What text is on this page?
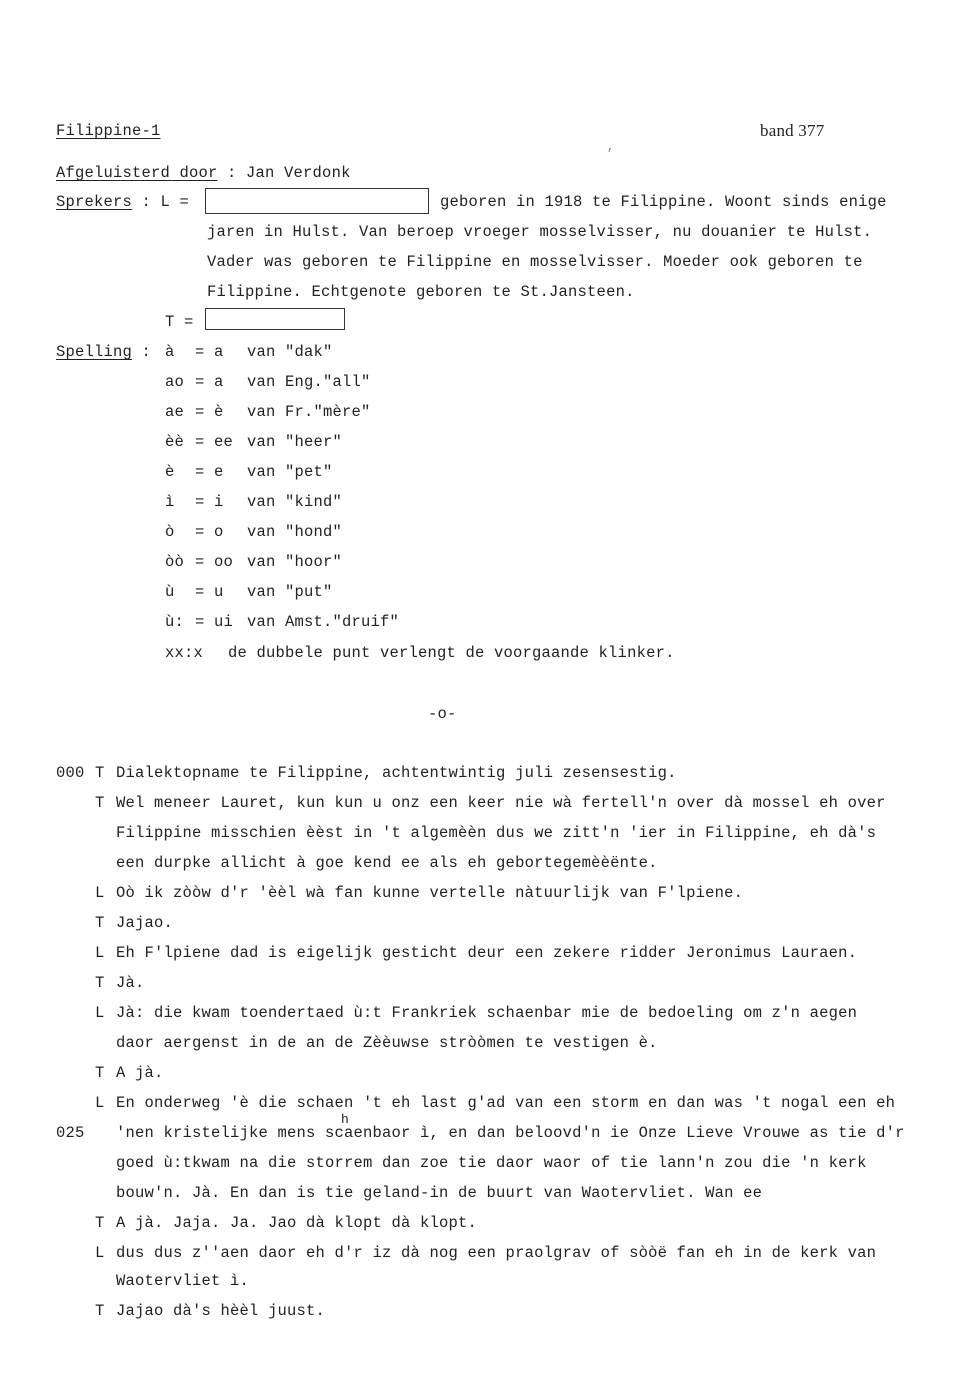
Filippine-1	band 377
,
Afgeluisterd door : Jan Verdonk
Sprekers : L =	geboren in 1918 te Filippine. Woont sinds enige
jaren in Hulst. Van beroep vroeger mosselvisser, nu douanier te Hulst.
Vader was geboren te Filippine en mosselvisser. Moeder ook geboren te
Filippine. Echtgenote geboren te St.Jansteen.
T =
Spelling : à = a van "dak"
ao = a van Eng."all"
ae = è van Fr."mère"
èè = ee van "heer"
è = e van "pet"
ì = i van "kind"
ò = o van "hond"
òò = oo van "hoor"
ù = u van "put"
ù: = ui van Amst."druif"
xx:x de dubbele punt verlengt de voorgaande klinker.
-o-
000
025
T Dialektopname te Filippine, achtentwintig juli zesensestig.
T Wel meneer Lauret, kun kun u onz een keer nie wà fertell'n over dà mossel eh over
Filippine misschien èèst in 't algemèèn dus we zitt'n 'ier in Filippine, eh dà's
een durpke allicht à goe kend ee als eh gebortegemèèënte.
L Oò ik zòòw d'r 'èèl wà fan kunne vertelle nàtuurlijk van F'lpiene.
T Jajao.
L Eh F'lpiene dad is eigelijk gesticht deur een zekere ridder Jeronimus Lauraen.
T Jà.
L Jà: die kwam toendertaed ù:t Frankriek schaenbar mie de bedoeling om z'n aegen
daor aergenst in de an de Zèèuwse stròòmen te vestigen è.
T A jà.
L En onderweg 'è die schaen 't eh last g'ad van een storm en dan was 't nogal een eh
'nen kristelijke mens scaenbaor ì, en dan beloovd'n ie Onze Lieve Vrouwe as tie d'r
goed ù:tkwam na die storrem dan zoe tie daor waor of tie lann'n zou die 'n kerk
bouw'n. Jà. En dan is tie geland-in de buurt van Waotervliet. Wan ee
T A jà. Jaja. Ja. Jao dà klopt dà klopt.
L dus dus z''aen daor eh d'r iz dà nog een praolgrav of sòòë fan eh in de kerk van
Waotervliet ì.
T Jajao dà's hèèl juust.
h
